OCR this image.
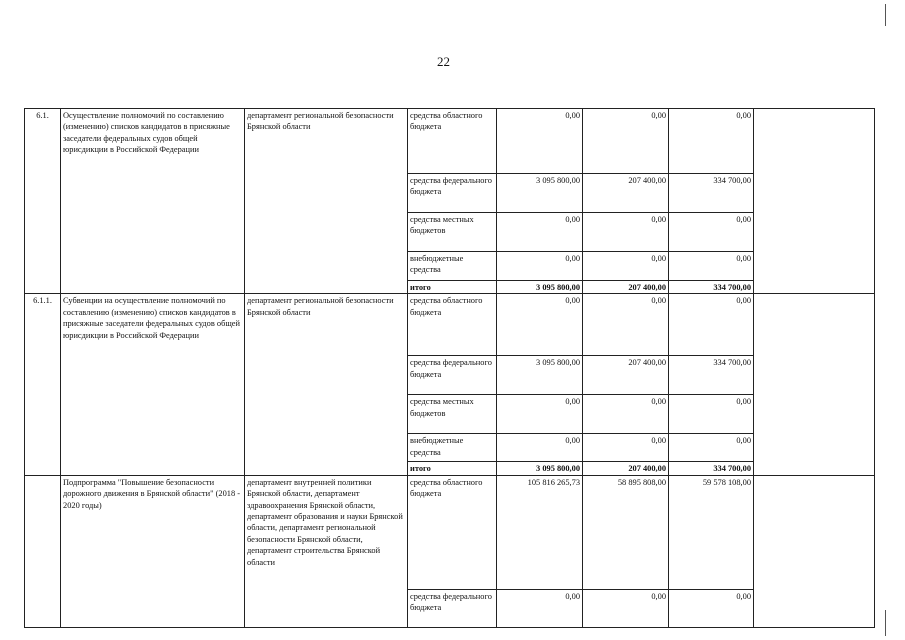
22
6.1.	Осуществление полномочий по составлению (изменению) списков кандидатов в присяжные заседатели федеральных судов общей юрисдикции в Российской Федерации	департамент региональной безопасности Брянской области	средства областного бюджета	0,00	0,00	0,00	
			средства федерального бюджета	3 095 800,00	207 400,00	334 700,00	
			средства местных бюджетов	0,00	0,00	0,00	
			внебюджетные средства	0,00	0,00	0,00	
			итого	3 095 800,00	207 400,00	334 700,00	
6.1.1.	Субвенции на осуществление полномочий по составлению (изменению) списков кандидатов в присяжные заседатели федеральных судов общей юрисдикции в Российской Федерации	департамент региональной безопасности Брянской области	средства областного бюджета	0,00	0,00	0,00	
			средства федерального бюджета	3 095 800,00	207 400,00	334 700,00	
			средства местных бюджетов	0,00	0,00	0,00	
			внебюджетные средства	0,00	0,00	0,00	
			итого	3 095 800,00	207 400,00	334 700,00	
	Подпрограмма "Повышение безопасности дорожного движения в Брянской области" (2018 - 2020 годы)	департамент внутренней политики Брянской области, департамент здравоохранения Брянской области, департамент образования и науки Брянской области, департамент региональной безопасности Брянской области, департамент строительства Брянской области	средства областного бюджета	105 816 265,73	58 895 808,00	59 578 108,00	
			средства федерального бюджета	0,00	0,00	0,00	
